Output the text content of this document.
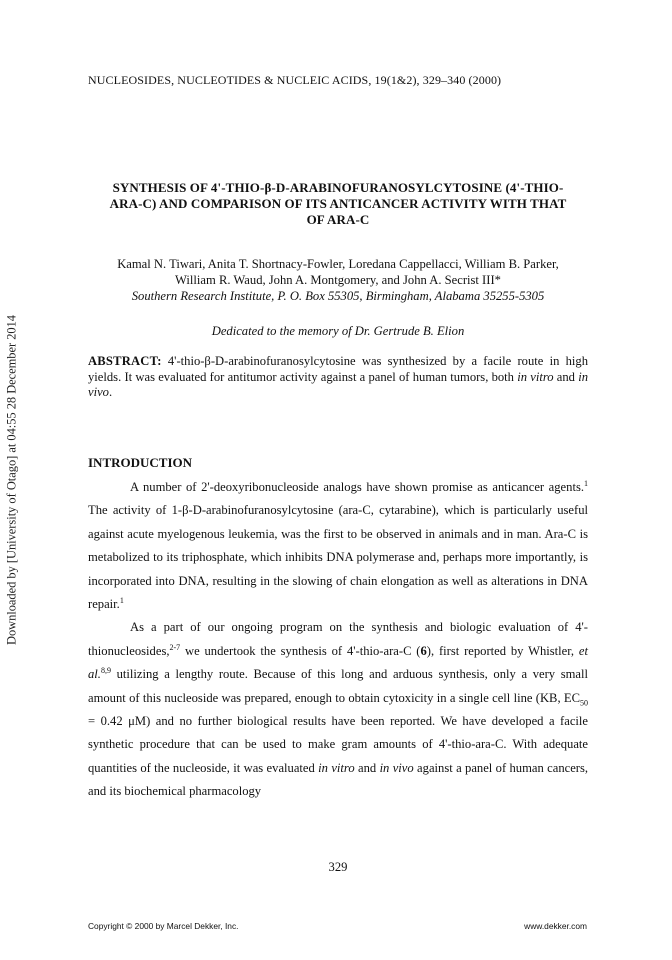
Downloaded by [University of Otago] at 04:55 28 December 2014
NUCLEOSIDES, NUCLEOTIDES & NUCLEIC ACIDS, 19(1&2), 329–340 (2000)
SYNTHESIS OF 4'-THIO-β-D-ARABINOFURANOSYLCYTOSINE (4'-THIO-
ARA-C) AND COMPARISON OF ITS ANTICANCER ACTIVITY WITH THAT
OF ARA-C
Kamal N. Tiwari, Anita T. Shortnacy-Fowler, Loredana Cappellacci, William B. Parker,
William R. Waud, John A. Montgomery, and John A. Secrist III*
Southern Research Institute, P. O. Box 55305, Birmingham, Alabama 35255-5305
Dedicated to the memory of Dr. Gertrude B. Elion
ABSTRACT: 4'-thio-β-D-arabinofuranosylcytosine was synthesized by a facile route in high yields. It was evaluated for antitumor activity against a panel of human tumors, both in vitro and in vivo.
INTRODUCTION

A number of 2'-deoxyribonucleoside analogs have shown promise as anticancer agents.$^1$ The activity of 1-β-D-arabinofuranosylcytosine (ara-C, cytarabine), which is particularly useful against acute myelogenous leukemia, was the first to be observed in animals and in man. Ara-C is metabolized to its triphosphate, which inhibits DNA polymerase and, perhaps more importantly, is incorporated into DNA, resulting in the slowing of chain elongation as well as alterations in DNA repair.$^1$

As a part of our ongoing program on the synthesis and biologic evaluation of 4'-thionucleosides,$^{2-7}$ we undertook the synthesis of 4'-thio-ara-C (6), first reported by Whistler, et al.$^{8,9}$ utilizing a lengthy route. Because of this long and arduous synthesis, only a very small amount of this nucleoside was prepared, enough to obtain cytoxicity in a single cell line (KB, $EC_{50} = 0.42$ μM) and no further biological results have been reported. We have developed a facile synthetic procedure that can be used to make gram amounts of 4'-thio-ara-C. With adequate quantities of the nucleoside, it was evaluated in vitro and in vivo against a panel of human cancers, and its biochemical pharmacology

329
Copyright © 2000 by Marcel Dekker, Inc.	www.dekker.com
